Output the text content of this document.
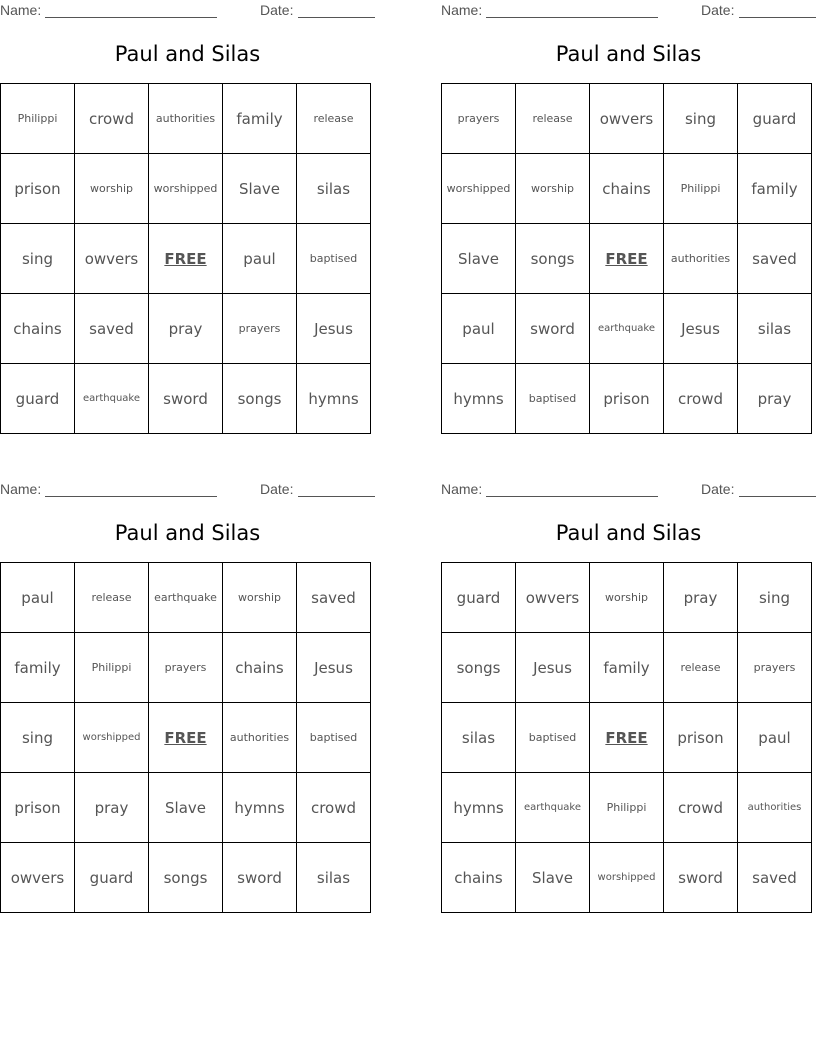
Name:	Date:
Paul and Silas
Philippi	crowd	authorities	family	release
prison	worship	worshipped	Slave	silas
sing	owvers	FREE	paul	baptised
chains	saved	pray	prayers	Jesus
guard	earthquake	sword	songs	hymns
Name:	Date:
Paul and Silas
prayers	release	owvers	sing	guard
worshipped	worship	chains	Philippi	family
Slave	songs	FREE	authorities	saved
paul	sword	earthquake	Jesus	silas
hymns	baptised	prison	crowd	pray
Name:	Date:
Paul and Silas
paul	release	earthquake	worship	saved
family	Philippi	prayers	chains	Jesus
sing	worshipped	FREE	authorities	baptised
prison	pray	Slave	hymns	crowd
owvers	guard	songs	sword	silas
Name:	Date:
Paul and Silas
guard	owvers	worship	pray	sing
songs	Jesus	family	release	prayers
silas	baptised	FREE	prison	paul
hymns	earthquake	Philippi	crowd	authorities
chains	Slave	worshipped	sword	saved
